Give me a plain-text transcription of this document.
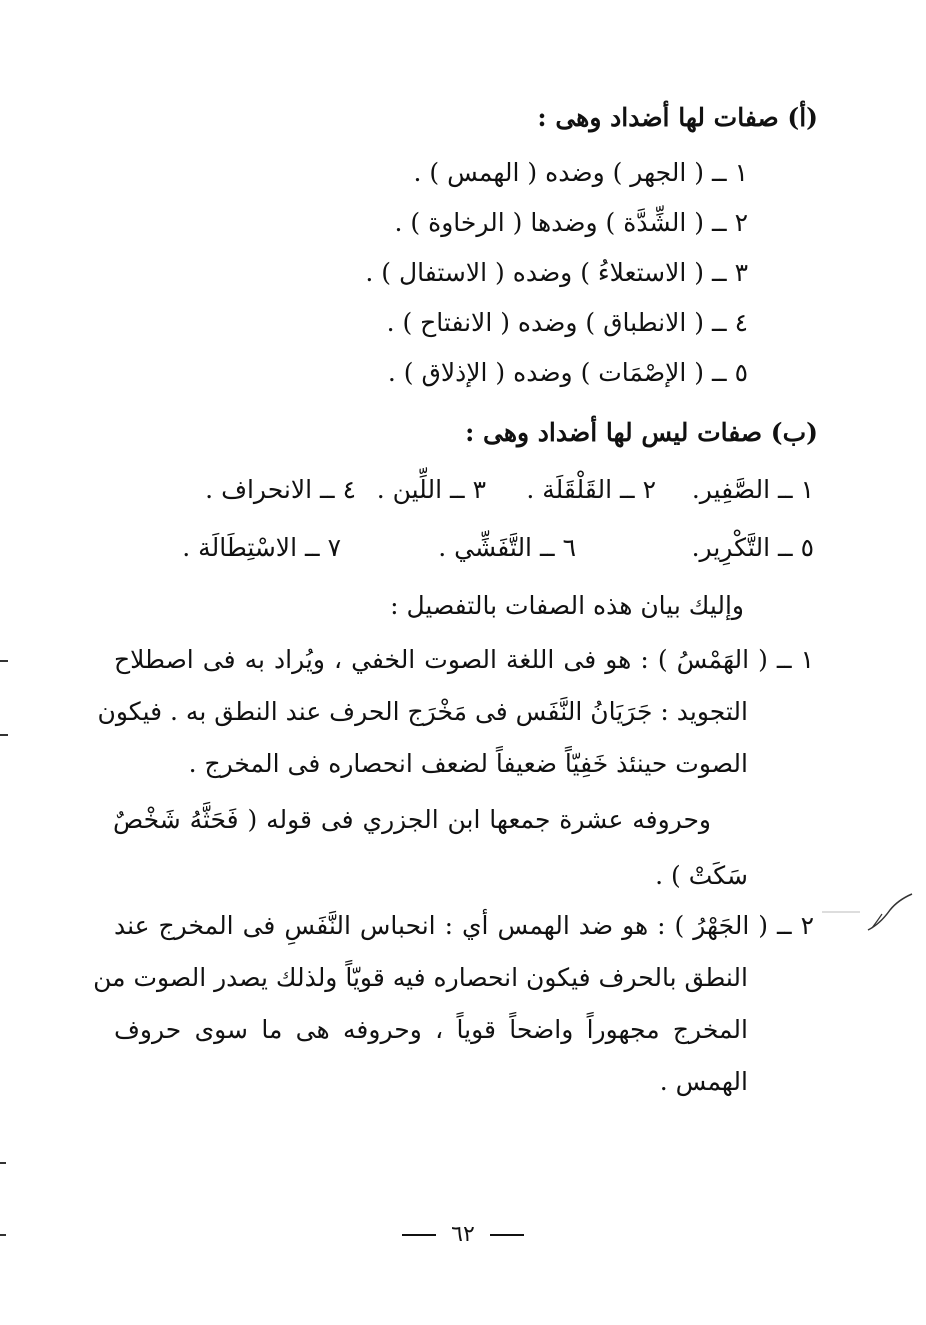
(أ) صفات لها أضداد وهى :
١ ــ ( الجهر ) وضده ( الهمس ) .
٢ ــ ( الشِّدَّة ) وضدها ( الرخاوة ) .
٣ ــ ( الاستعلاءُ ) وضده ( الاستفال ) .
٤ ــ ( الانطباق ) وضده ( الانفتاح ) .
٥ ــ ( الإصْمَات ) وضده ( الإذلاق ) .
(ب) صفات ليس لها أضداد وهى :
١ ــ الصَّفِير.
٢ ــ القَلْقَلَة .
٣ ــ اللِّين .
٤ ــ الانحراف .
٥ ــ التَّكْرِير.
٦ ــ التَّفَشِّي .
٧ ــ الاسْتِطَالَة .
وإليك بيان هذه الصفات بالتفصيل :
١ ــ ( الهَمْسُ ) : هو فى اللغة الصوت الخفي ، ويُراد به فى اصطلاح
التجويد : جَرَيَانُ النَّفَس فى مَخْرَج الحرف عند النطق به . فيكون
الصوت حينئذ خَفِيّاً ضعيفاً لضعف انحصاره فى المخرج .
وحروفه عشرة جمعها ابن الجزري فى قوله ( فَحَثَّهُ شَخْصٌ
سَكَتْ ) .
٢ ــ ( الجَهْرُ ) : هو ضد الهمس أي : انحباس النَّفَسِ فى المخرج عند
النطق بالحرف فيكون انحصاره فيه قويّاً ولذلك يصدر الصوت من
المخرج مجهوراً واضحاً قوياً ، وحروفه هى ما سوى حروف
الهمس .
٦٢
